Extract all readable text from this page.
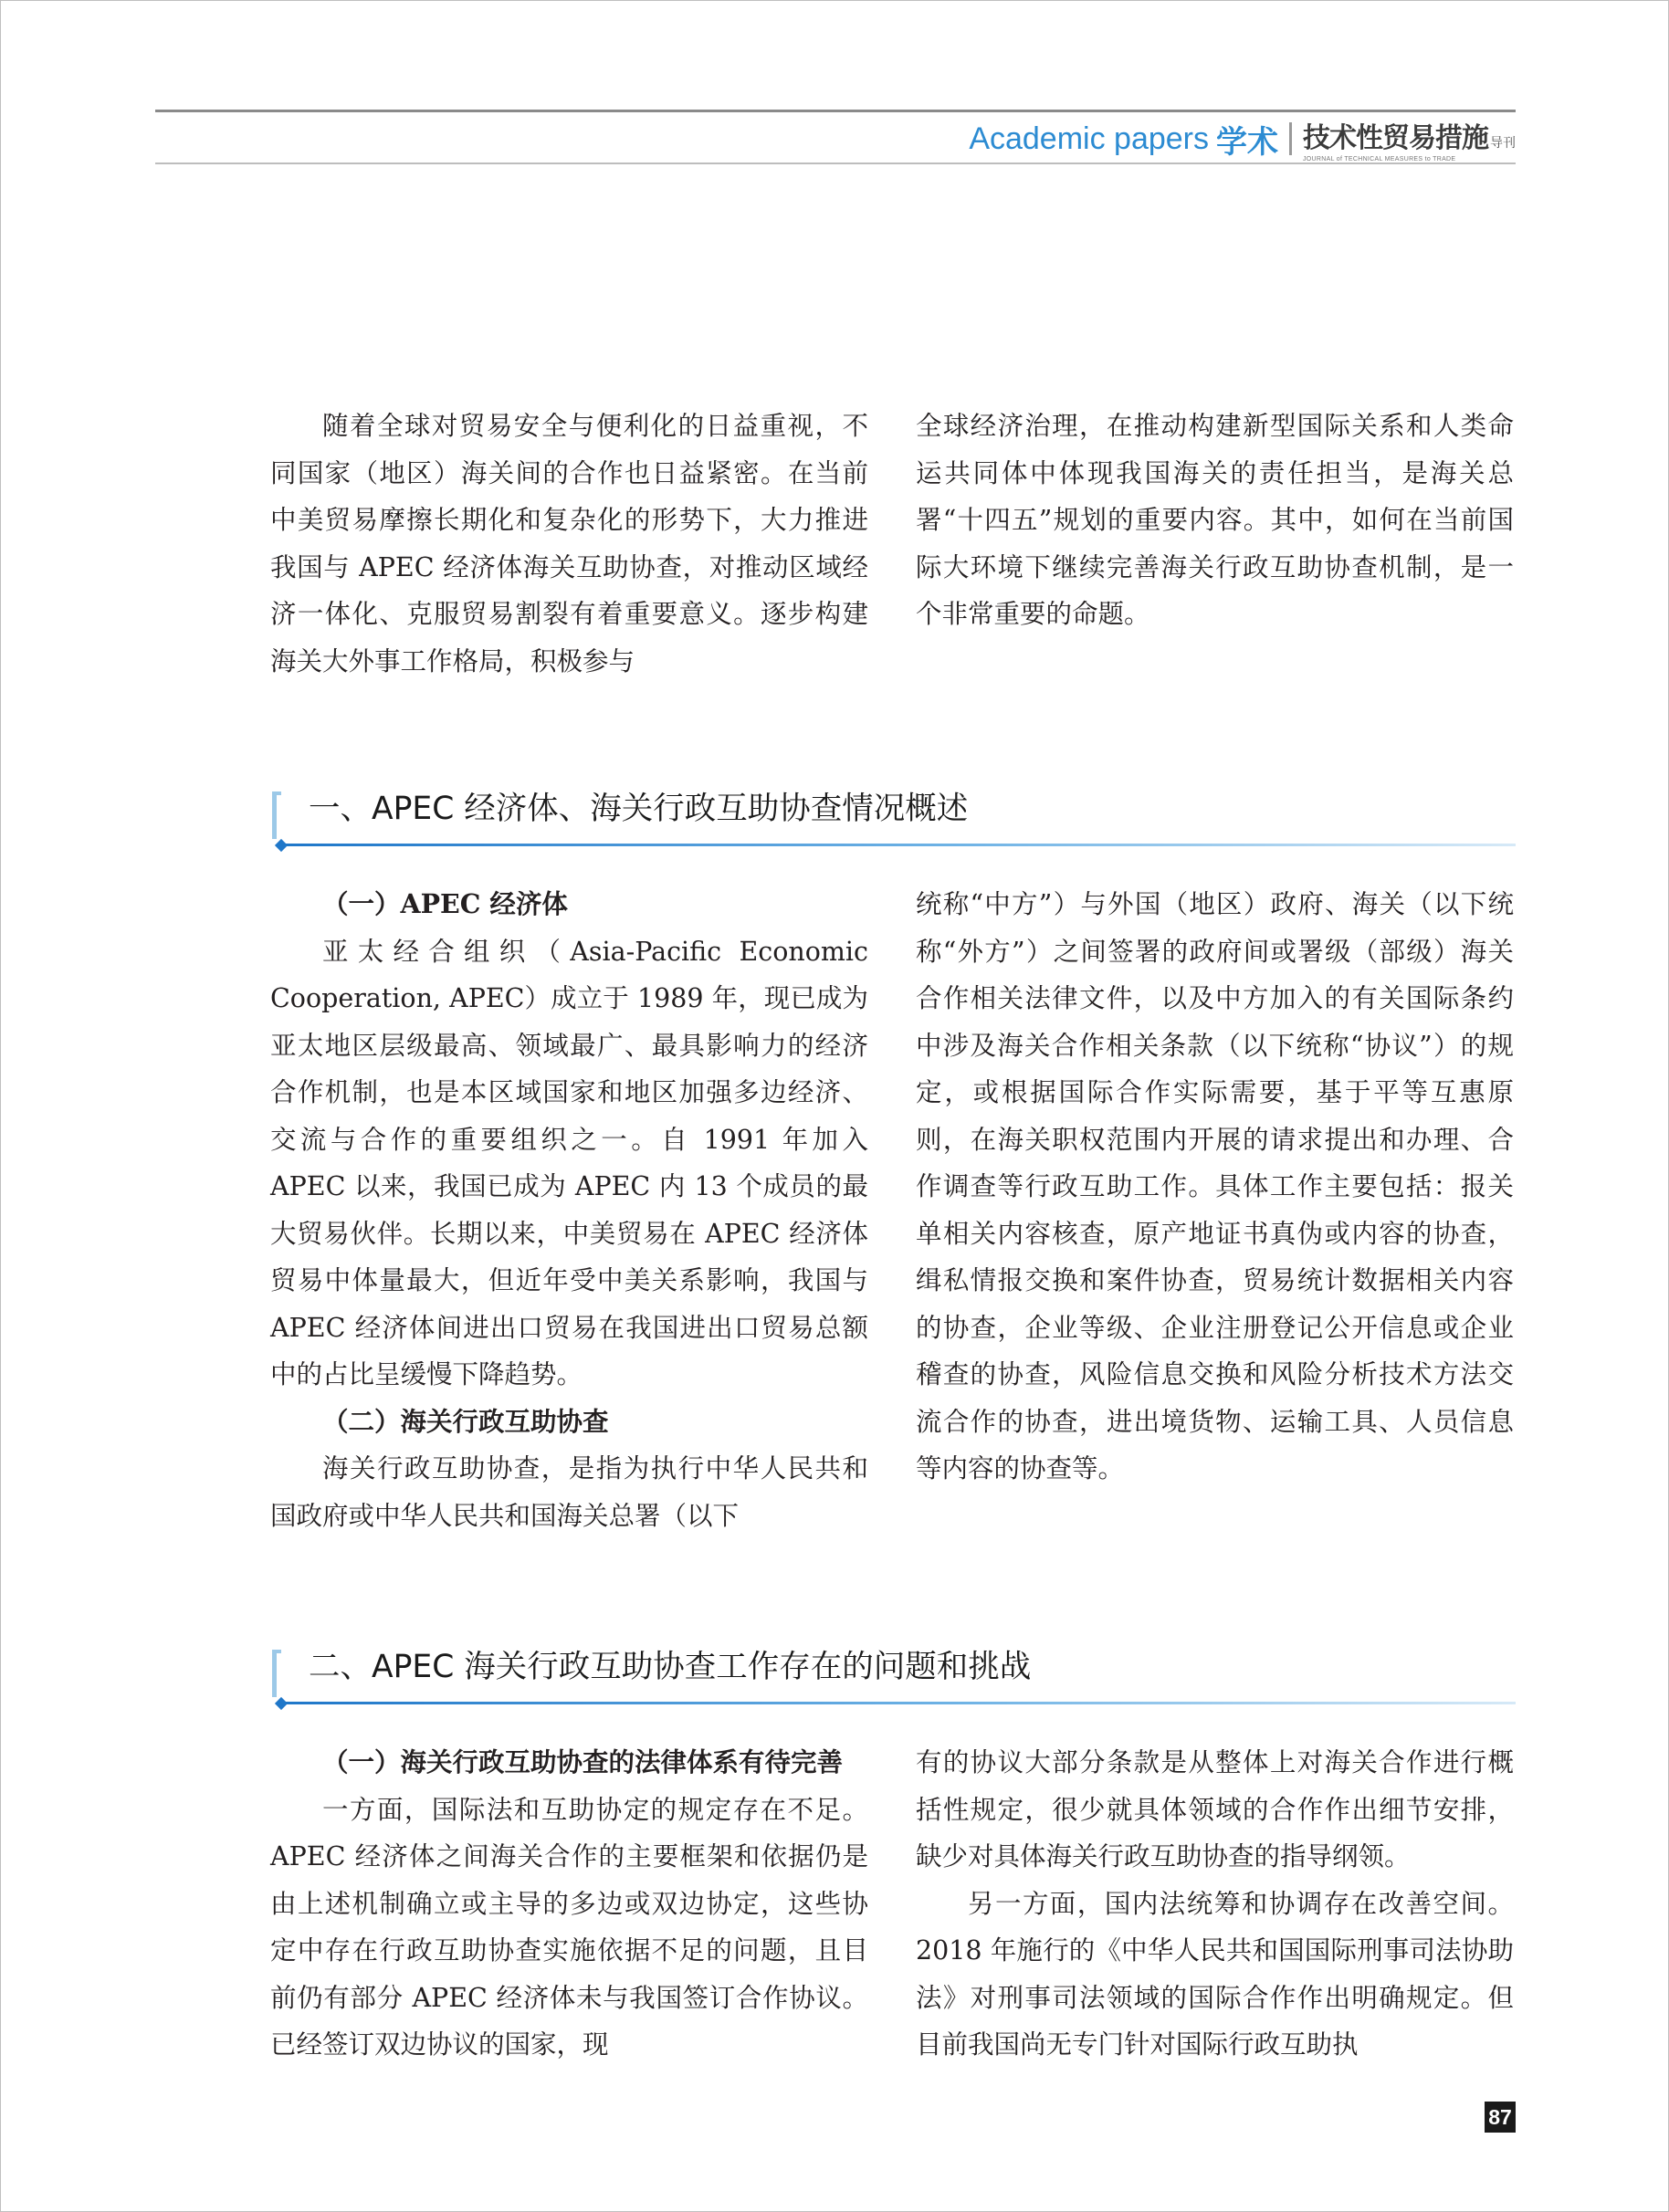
Academic papers 学术 技术性贸易措施 导刊
JOURNAL of TECHNICAL MEASURES to TRADE

随着全球对贸易安全与便利化的日益重视，不同国家（地区）海关间的合作也日益紧密。在当前中美贸易摩擦长期化和复杂化的形势下，大力推进我国与 APEC 经济体海关互助协查，对推动区域经济一体化、克服贸易割裂有着重要意义。逐步构建海关大外事工作格局，积极参与

全球经济治理，在推动构建新型国际关系和人类命运共同体中体现我国海关的责任担当，是海关总署“十四五”规划的重要内容。其中，如何在当前国际大环境下继续完善海关行政互助协查机制，是一个非常重要的命题。

一、APEC 经济体、海关行政互助协查情况概述

（一）APEC 经济体

亚太经合组织（Asia-Pacific Economic Cooperation, APEC）成立于 1989 年，现已成为亚太地区层级最高、领域最广、最具影响力的经济合作机制，也是本区域国家和地区加强多边经济、交流与合作的重要组织之一。自 1991 年加入 APEC 以来，我国已成为 APEC 内 13 个成员的最大贸易伙伴。长期以来，中美贸易在 APEC 经济体贸易中体量最大，但近年受中美关系影响，我国与 APEC 经济体间进出口贸易在我国进出口贸易总额中的占比呈缓慢下降趋势。

（二）海关行政互助协查

海关行政互助协查，是指为执行中华人民共和国政府或中华人民共和国海关总署（以下

统称“中方”）与外国（地区）政府、海关（以下统称“外方”）之间签署的政府间或署级（部级）海关合作相关法律文件，以及中方加入的有关国际条约中涉及海关合作相关条款（以下统称“协议”）的规定，或根据国际合作实际需要，基于平等互惠原则，在海关职权范围内开展的请求提出和办理、合作调查等行政互助工作。具体工作主要包括：报关单相关内容核查，原产地证书真伪或内容的协查，缉私情报交换和案件协查，贸易统计数据相关内容的协查，企业等级、企业注册登记公开信息或企业稽查的协查，风险信息交换和风险分析技术方法交流合作的协查，进出境货物、运输工具、人员信息等内容的协查等。

二、APEC 海关行政互助协查工作存在的问题和挑战

（一）海关行政互助协查的法律体系有待完善

一方面，国际法和互助协定的规定存在不足。APEC 经济体之间海关合作的主要框架和依据仍是由上述机制确立或主导的多边或双边协定，这些协定中存在行政互助协查实施依据不足的问题，且目前仍有部分 APEC 经济体未与我国签订合作协议。已经签订双边协议的国家，现

有的协议大部分条款是从整体上对海关合作进行概括性规定，很少就具体领域的合作作出细节安排，缺少对具体海关行政互助协查的指导纲领。

另一方面，国内法统筹和协调存在改善空间。2018 年施行的《中华人民共和国国际刑事司法协助法》对刑事司法领域的国际合作作出明确规定。但目前我国尚无专门针对国际行政互助执

87
